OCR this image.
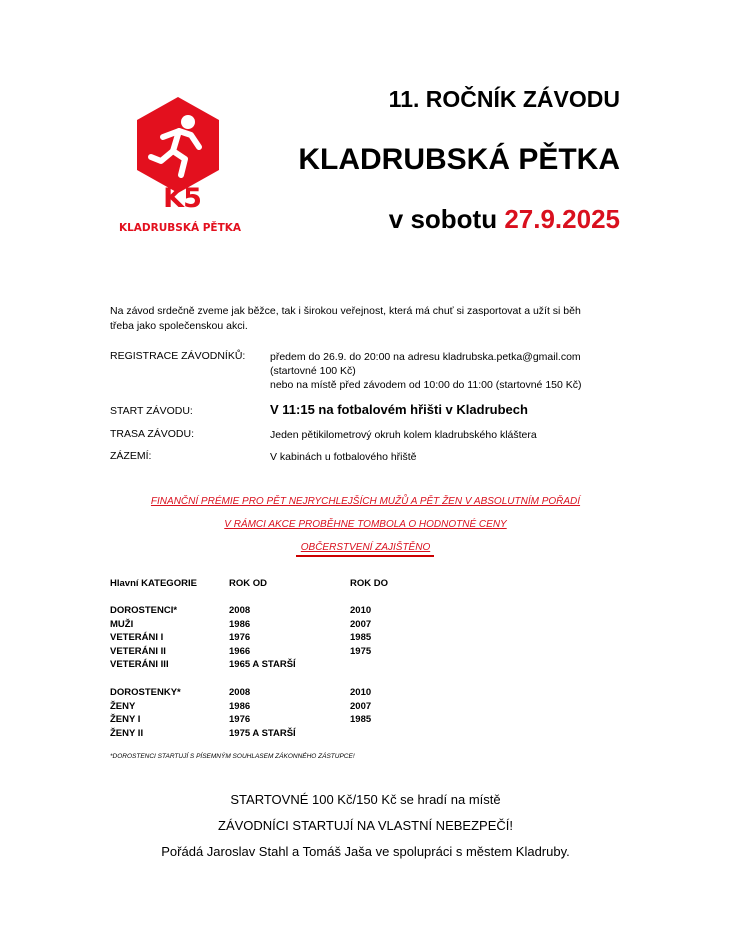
K5
KLADRUBSKÁ PĚTKA
11. ROČNÍK ZÁVODU
KLADRUBSKÁ PĚTKA
v sobotu 27.9.2025
Na závod srdečně zveme jak běžce, tak i širokou veřejnost, která má chuť si zasportovat a užít si běh
třeba jako společenskou akci.
REGISTRACE ZÁVODNÍKŮ: předem do 26.9. do 20:00 na adresu kladrubska.petka@gmail.com
(startovné 100 Kč)
nebo na místě před závodem od 10:00 do 11:00 (startovné 150 Kč)
START ZÁVODU:	V 11:15 na fotbalovém hřišti v Kladrubech
TRASA ZÁVODU:	Jeden pětikilometrový okruh kolem kladrubského kláštera
ZÁZEMÍ:	V kabinách u fotbalového hřiště
FINANČNÍ PRÉMIE PRO PĚT NEJRYCHLEJŠÍCH MUŽŮ A PĚT ŽEN V ABSOLUTNÍM POŘADÍ
V RÁMCI AKCE PROBĚHNE TOMBOLA O HODNOTNÉ CENY
OBČERSTVENÍ ZAJIŠTĚNO
Hlavní KATEGORIE	ROK OD	ROK DO
DOROSTENCI*	2008	2010
MUŽI	1986	2007
VETERÁNI I	1976	1985
VETERÁNI II	1966	1975
VETERÁNI III	1965 A STARŠÍ
DOROSTENKY*	2008	2010
ŽENY	1986	2007
ŽENY I	1976	1985
ŽENY II	1975 A STARŠÍ
*DOROSTENCI STARTUJÍ S PÍSEMNÝM SOUHLASEM ZÁKONNÉHO ZÁSTUPCE!
STARTOVNÉ 100 Kč/150 Kč se hradí na místě
ZÁVODNÍCI STARTUJÍ NA VLASTNÍ NEBEZPEČÍ!
Pořádá Jaroslav Stahl a Tomáš Jaša ve spolupráci s městem Kladruby.
